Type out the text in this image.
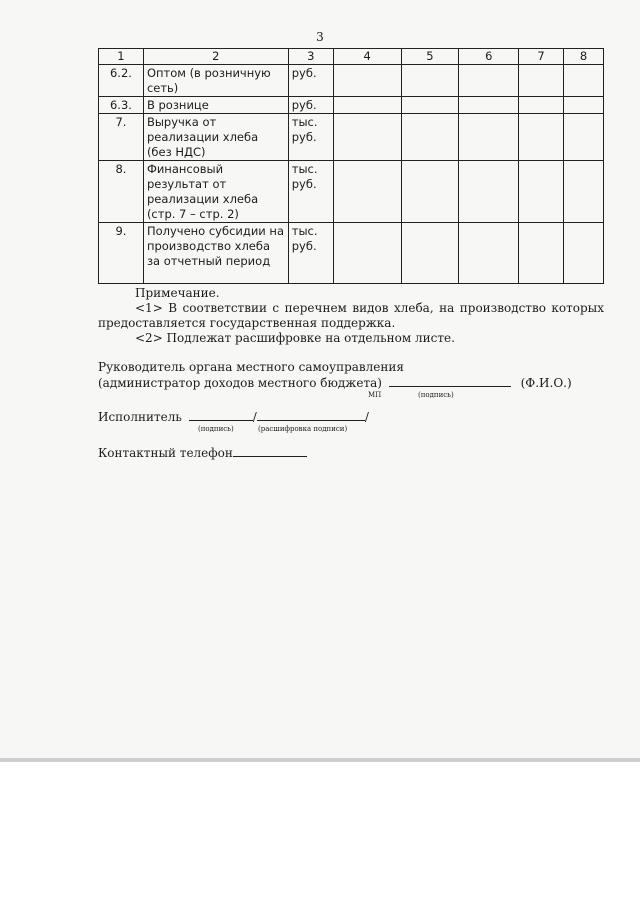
3
1	2	3	4	5	6	7	8
6.2.	Оптом (в розничную сеть)	руб.					
6.3.	В рознице	руб.					
7.	Выручка от реализации хлеба (без НДС)	тыс. руб.					
8.	Финансовый результат от реализации хлеба (стр. 7 – стр. 2)	тыс. руб.					
9.	Получено субсидии на производство хлеба за отчетный период	тыс. руб.					

Примечание.

<1> В соответствии с перечнем видов хлеба, на производство которых предоставляется государственная поддержка.

<2> Подлежат расшифровке на отдельном листе.

Руководитель органа местного самоуправления
(администратор доходов местного бюджета)	(Ф.И.О.)
МП	(подпись)
Исполнитель	/	/
(подпись)	(расшифровка подписи)
Контактный телефон
